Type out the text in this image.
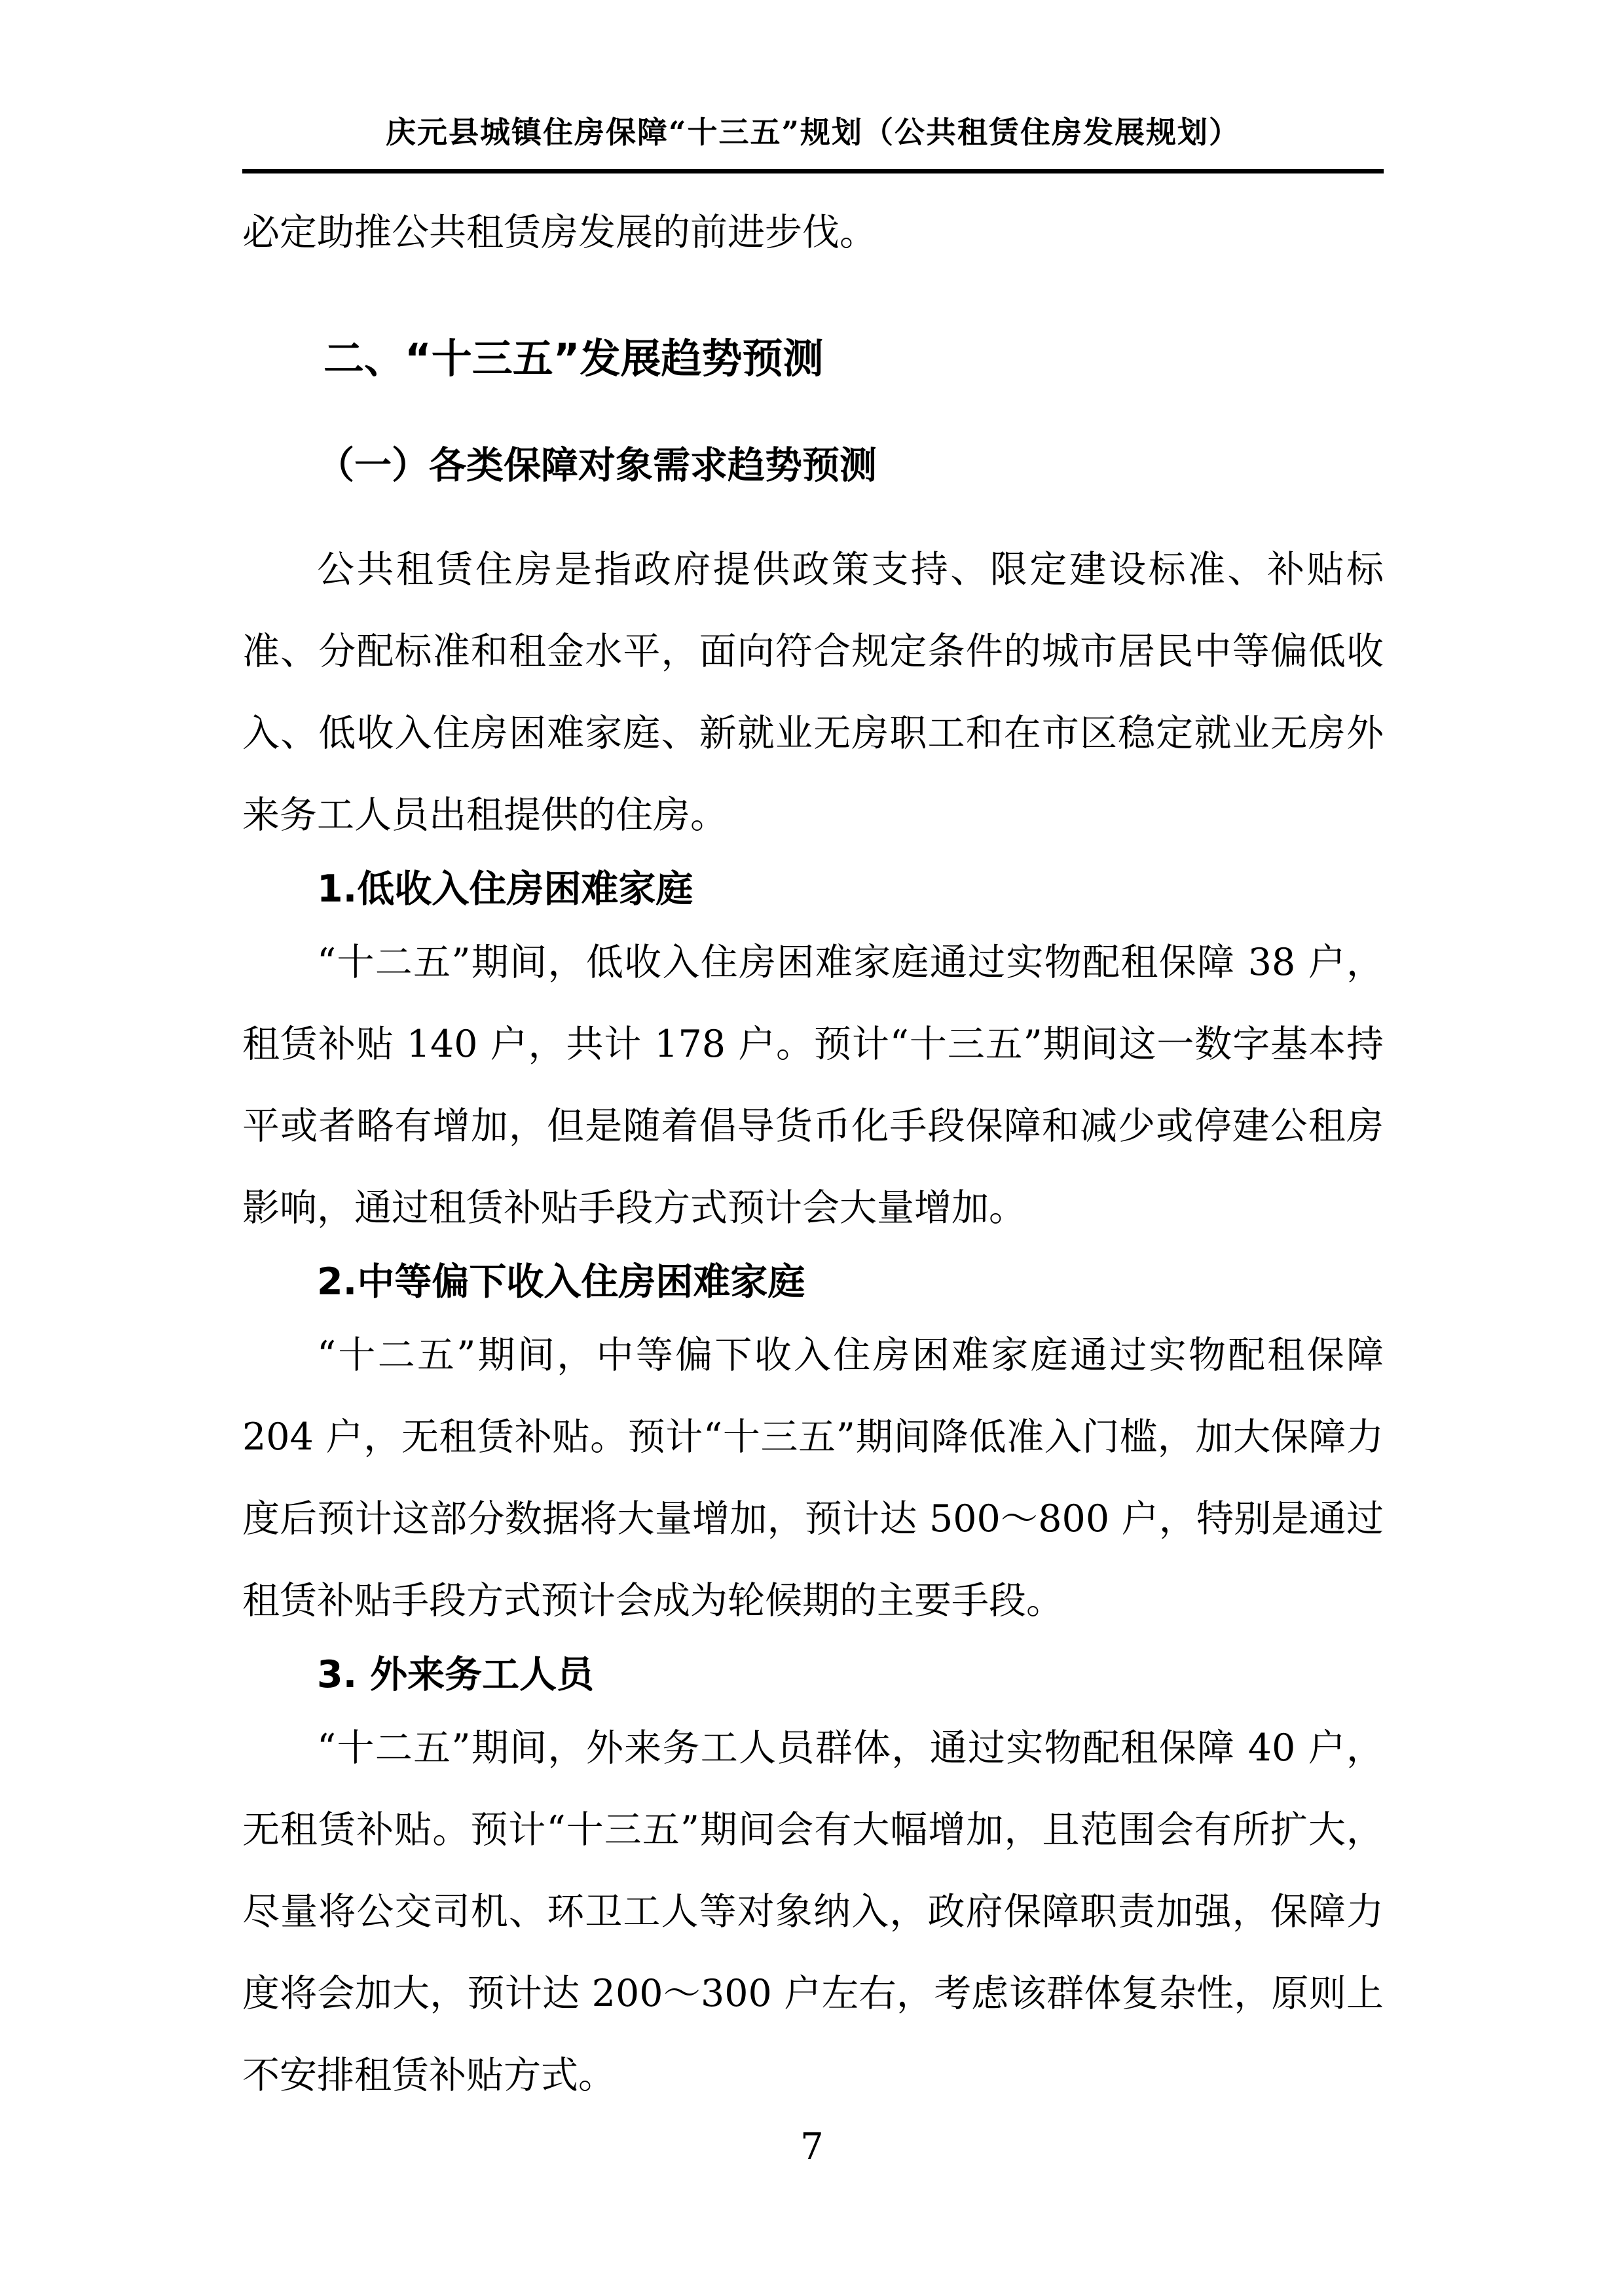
庆元县城镇住房保障“十三五”规划（公共租赁住房发展规划）

必定助推公共租赁房发展的前进步伐。

二、“十三五”发展趋势预测
（一）各类保障对象需求趋势预测

公共租赁住房是指政府提供政策支持、限定建设标准、补贴标准、分配标准和租金水平，面向符合规定条件的城市居民中等偏低收入、低收入住房困难家庭、新就业无房职工和在市区稳定就业无房外来务工人员出租提供的住房。

1.低收入住房困难家庭

“十二五”期间，低收入住房困难家庭通过实物配租保障 38 户，租赁补贴 140 户，共计 178 户。预计“十三五”期间这一数字基本持平或者略有增加，但是随着倡导货币化手段保障和减少或停建公租房影响，通过租赁补贴手段方式预计会大量增加。

2.中等偏下收入住房困难家庭

“十二五”期间，中等偏下收入住房困难家庭通过实物配租保障 204 户，无租赁补贴。预计“十三五”期间降低准入门槛，加大保障力度后预计这部分数据将大量增加，预计达 500～800 户，特别是通过租赁补贴手段方式预计会成为轮候期的主要手段。

3. 外来务工人员

“十二五”期间，外来务工人员群体，通过实物配租保障 40 户，无租赁补贴。预计“十三五”期间会有大幅增加，且范围会有所扩大，尽量将公交司机、环卫工人等对象纳入，政府保障职责加强，保障力度将会加大，预计达 200～300 户左右，考虑该群体复杂性，原则上不安排租赁补贴方式。

7
